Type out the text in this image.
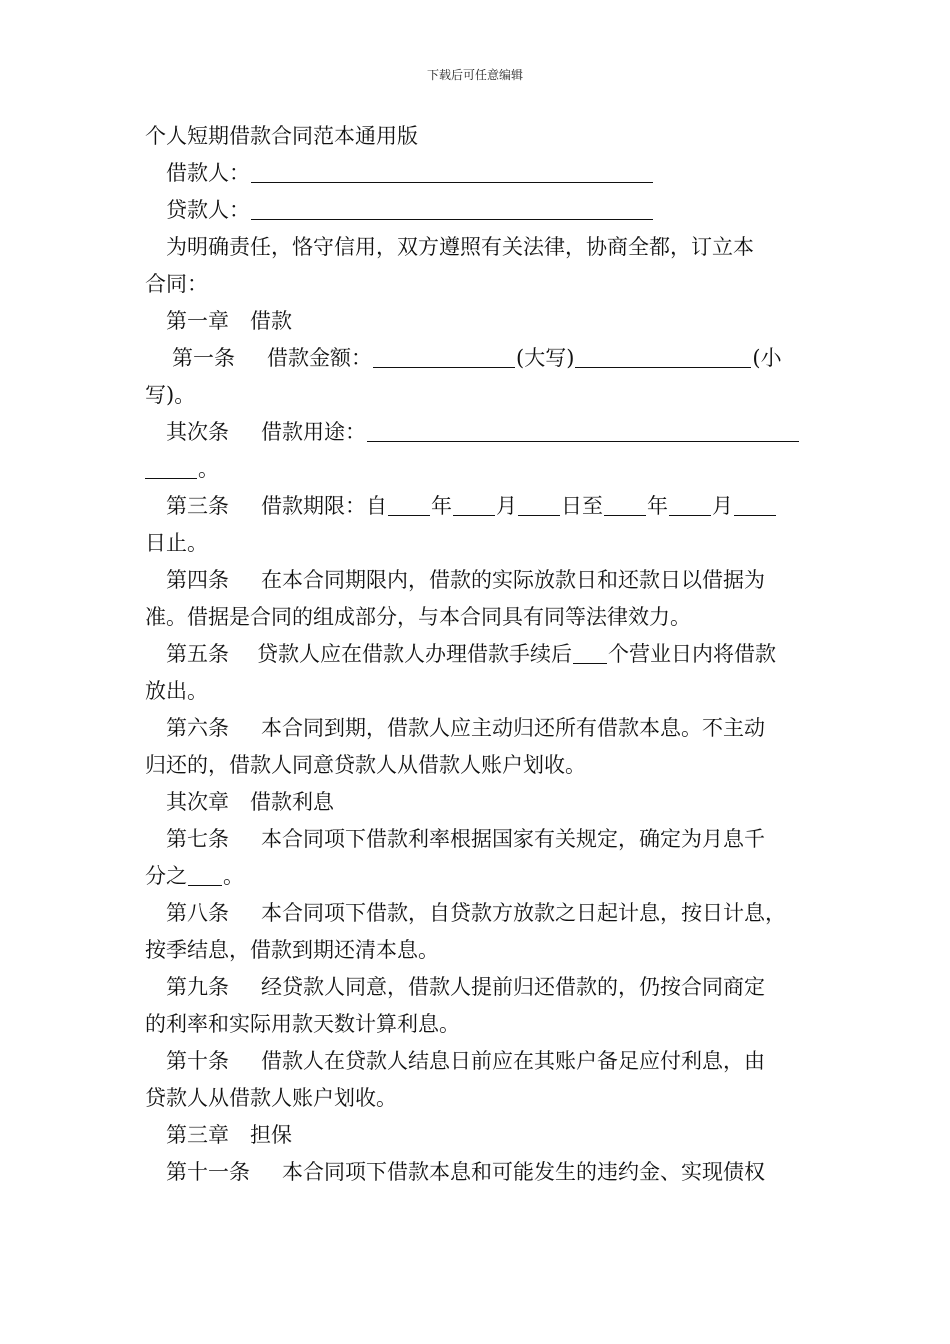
下载后可任意编辑
个人短期借款合同范本通用版
借款人：
贷款人：
为明确责任，恪守信用，双方遵照有关法律，协商全都，订立本
合同：
第一章　借款
第一条 借款金额：	(大写)	(小
写)。
其次条 借款用途：
。
第三条 借款期限：自 年 月 日至 年 月
日止。
第四条 在本合同期限内，借款的实际放款日和还款日以借据为
准。借据是合同的组成部分，与本合同具有同等法律效力。
第五条 贷款人应在借款人办理借款手续后 个营业日内将借款
放出。
第六条 本合同到期，借款人应主动归还所有借款本息。不主动
归还的，借款人同意贷款人从借款人账户划收。
其次章　借款利息
第七条 本合同项下借款利率根据国家有关规定，确定为月息千
分之 。
第八条 本合同项下借款，自贷款方放款之日起计息，按日计息，
按季结息，借款到期还清本息。
第九条 经贷款人同意，借款人提前归还借款的，仍按合同商定
的利率和实际用款天数计算利息。
第十条 借款人在贷款人结息日前应在其账户备足应付利息，由
贷款人从借款人账户划收。
第三章　担保
第十一条 本合同项下借款本息和可能发生的违约金、实现债权
